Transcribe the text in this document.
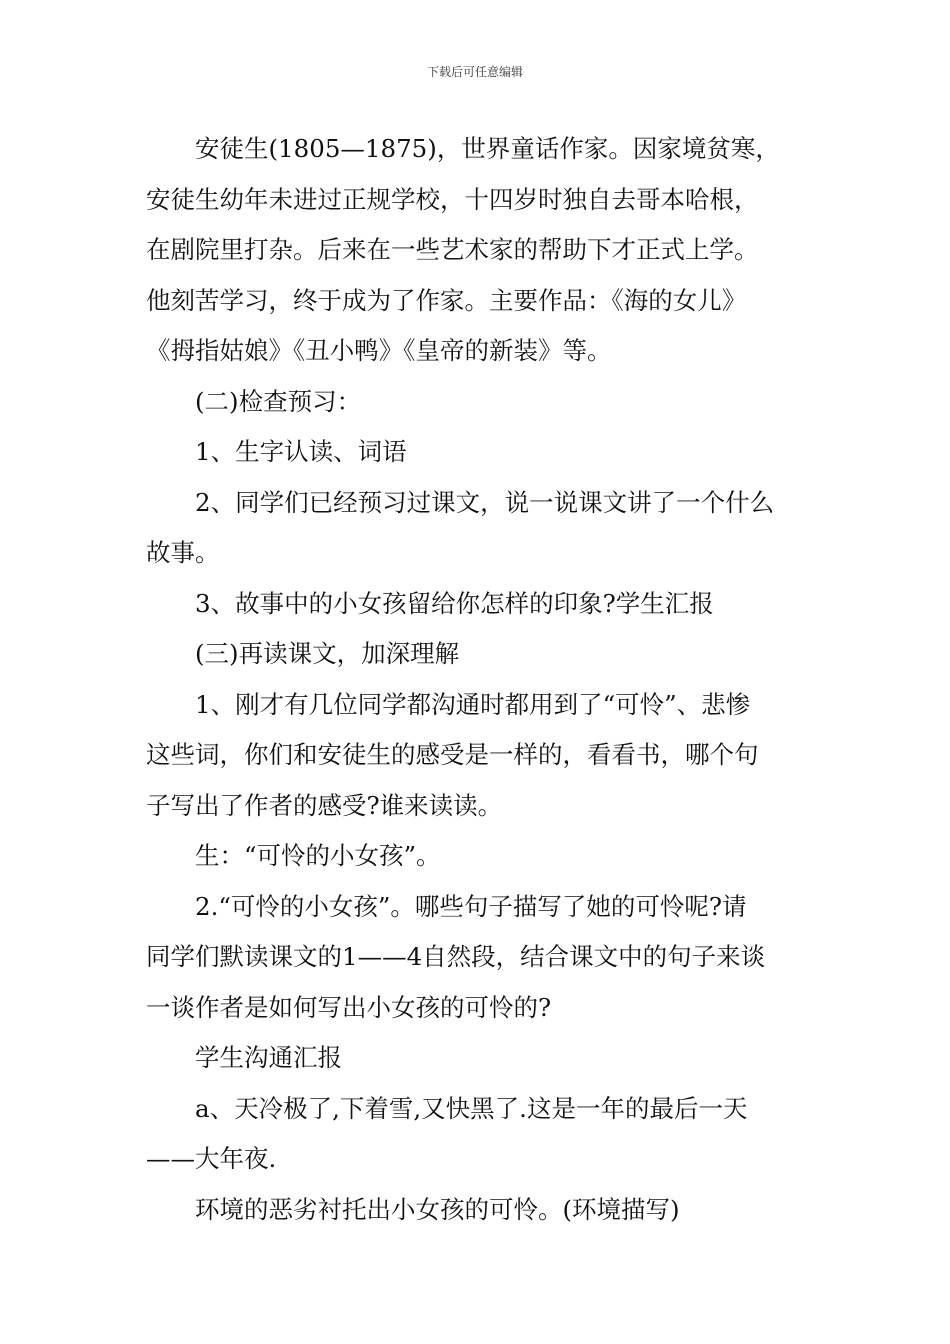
下载后可任意编辑

安徒生(1805—1875)，世界童话作家。因家境贫寒，

安徒生幼年未进过正规学校，十四岁时独自去哥本哈根，

在剧院里打杂。后来在一些艺术家的帮助下才正式上学。

他刻苦学习，终于成为了作家。主要作品：《海的女儿》

《拇指姑娘》《丑小鸭》《皇帝的新装》等。

(二)检查预习：

1、生字认读、词语

2、同学们已经预习过课文，说一说课文讲了一个什么

故事。

3、故事中的小女孩留给你怎样的印象?学生汇报

(三)再读课文，加深理解

1、刚才有几位同学都沟通时都用到了“可怜”、悲惨

这些词，你们和安徒生的感受是一样的，看看书，哪个句

子写出了作者的感受?谁来读读。

生：“可怜的小女孩”。

2.“可怜的小女孩”。哪些句子描写了她的可怜呢?请

同学们默读课文的1——4自然段，结合课文中的句子来谈

一谈作者是如何写出小女孩的可怜的?

学生沟通汇报

a、天冷极了,下着雪,又快黑了.这是一年的最后一天

——大年夜.

环境的恶劣衬托出小女孩的可怜。(环境描写)
